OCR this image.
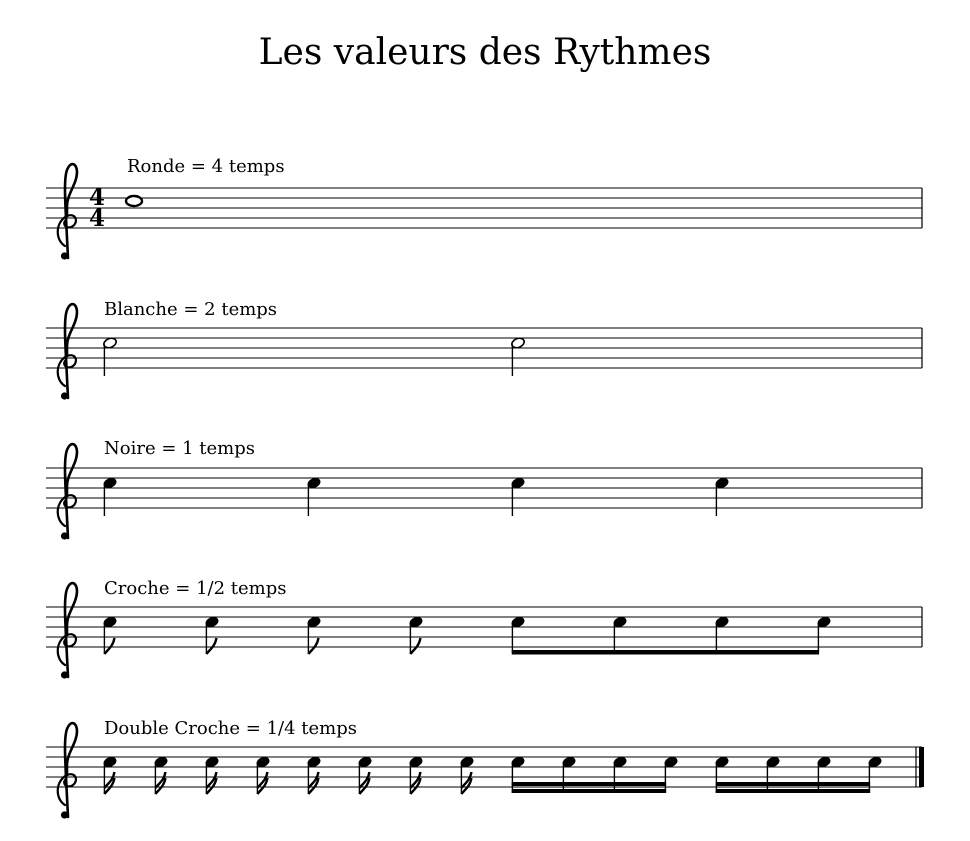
Les valeurs des Rythmes
Ronde = 4 temps
Blanche = 2 temps
Noire = 1 temps
Croche = 1/2 temps
Double Croche = 1/4 temps
4
4
